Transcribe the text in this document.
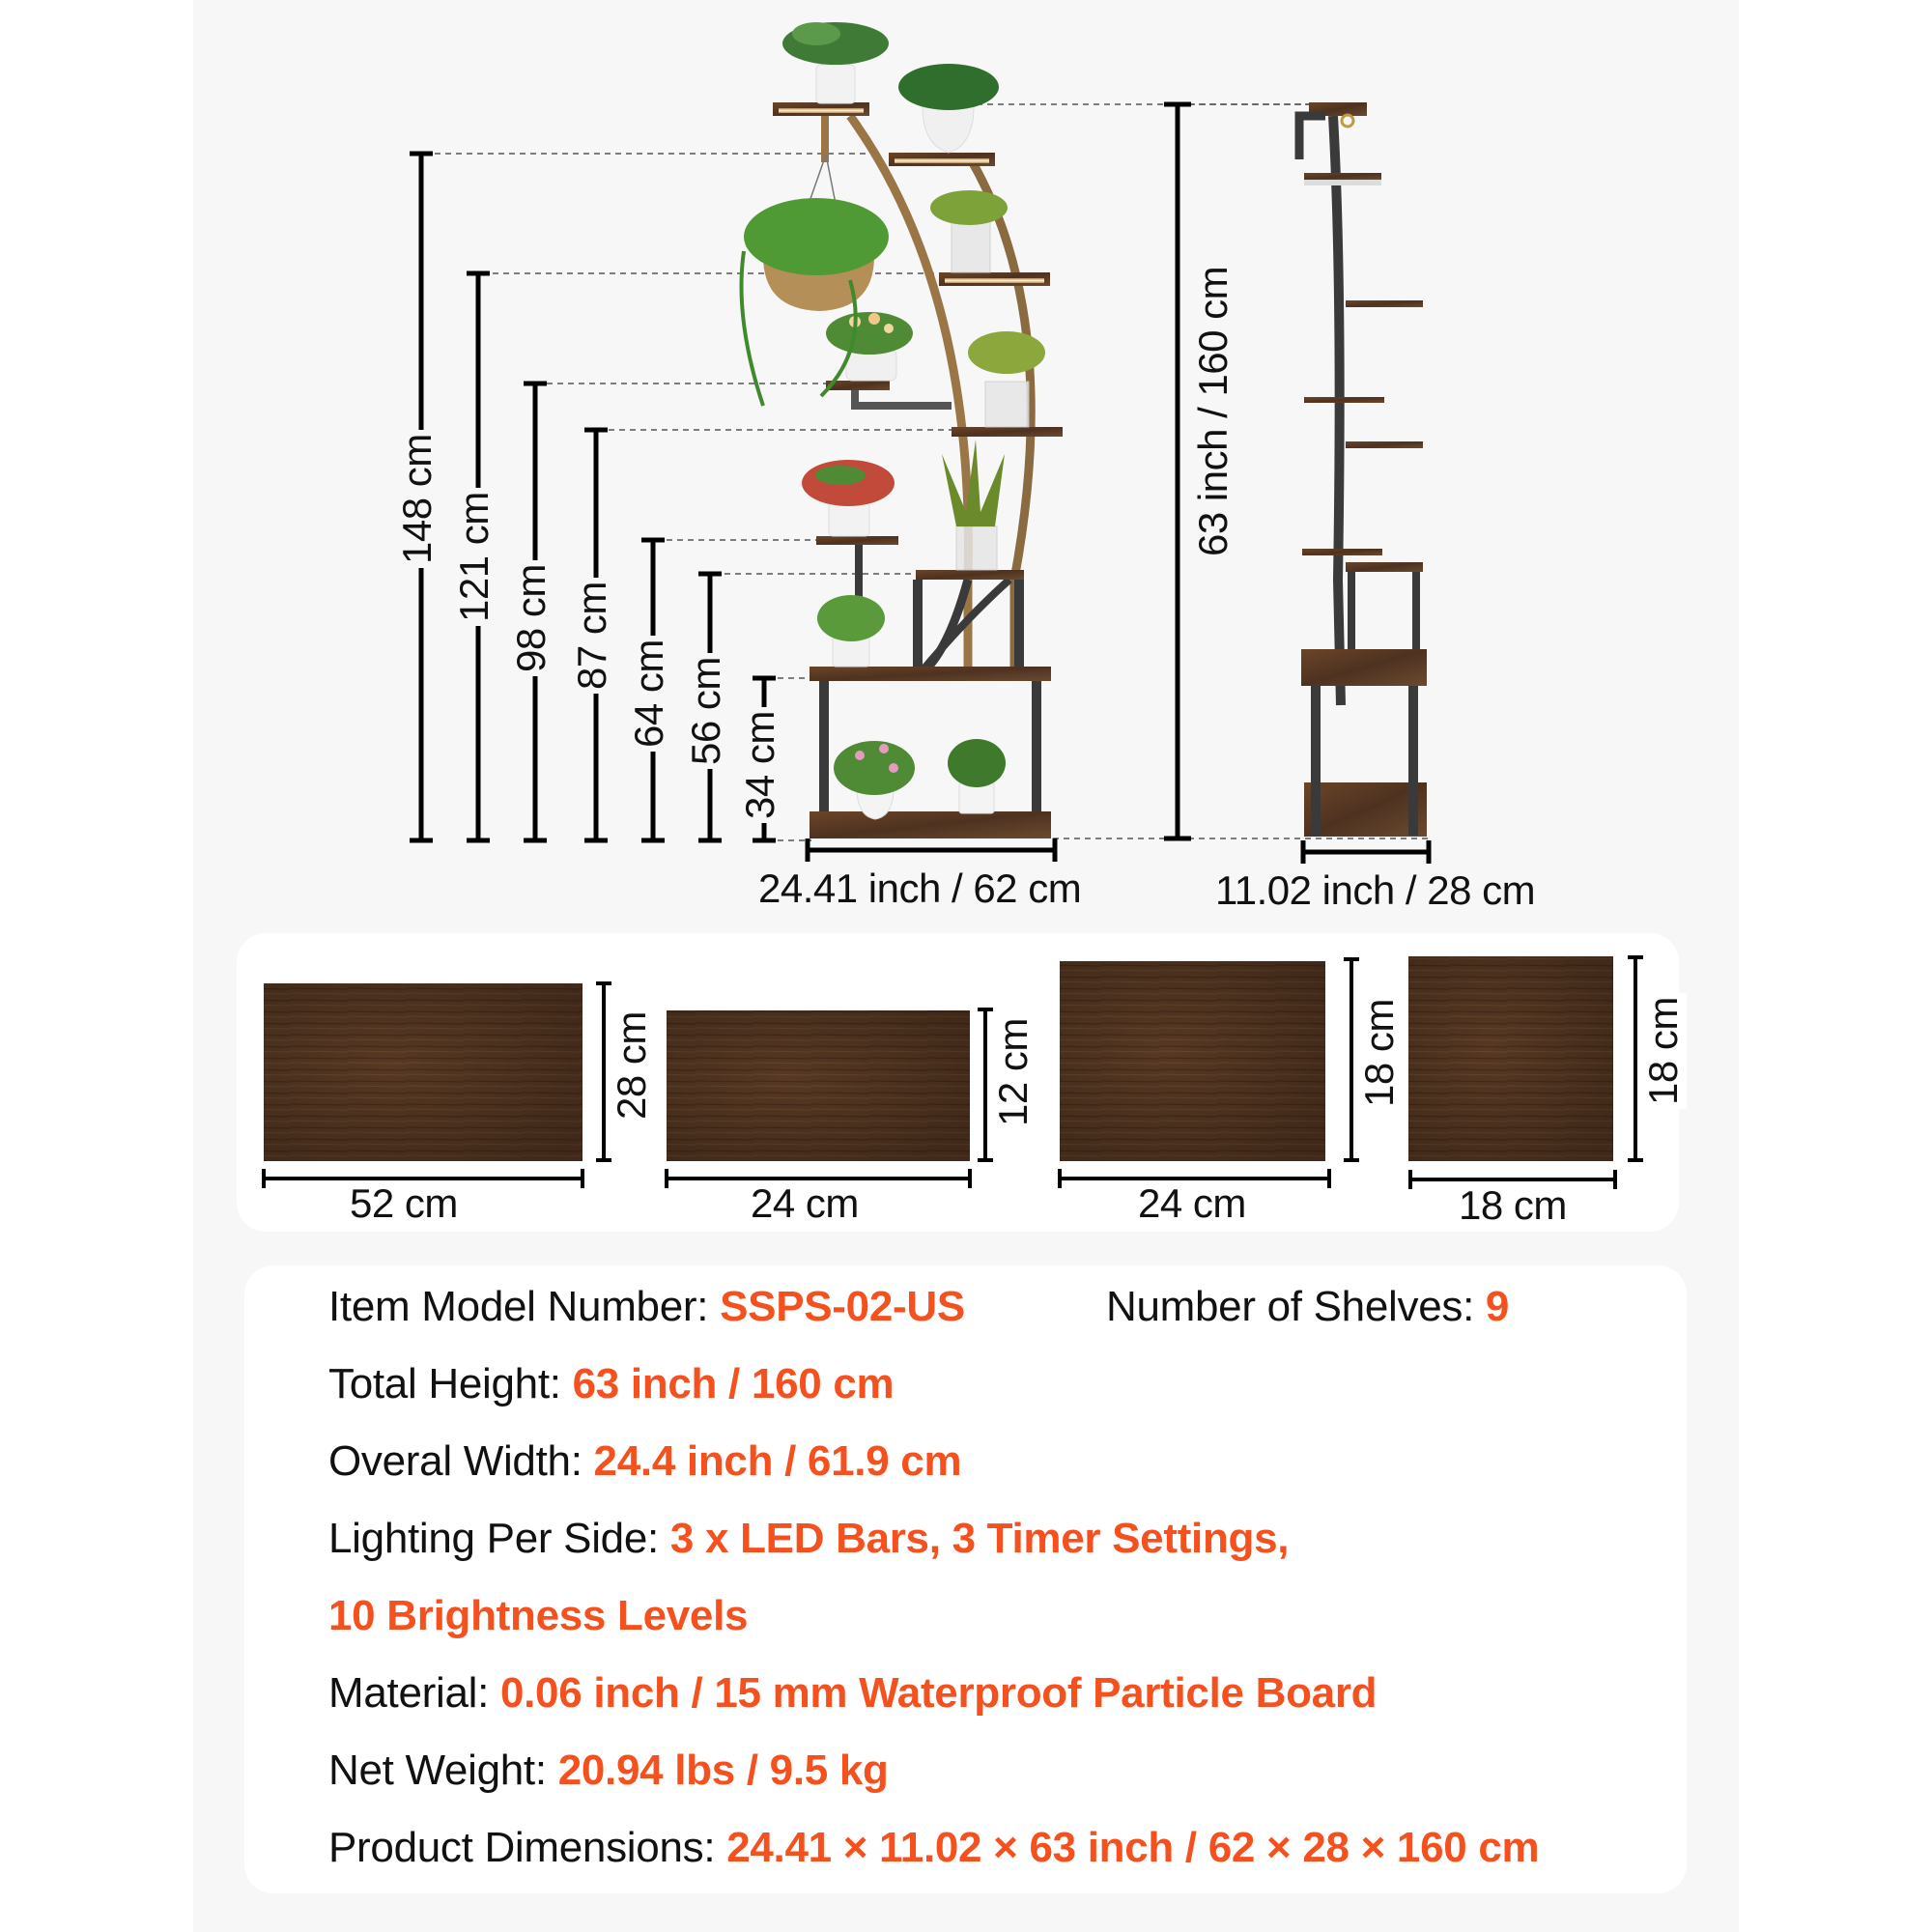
148 cm 121 cm 98 cm 87 cm
64 cm 56 cm
34 cm
24.41 inch / 62 cm
63 inch / 160 cm
11.02 inch / 28 cm
52 cm	24 cm	24 cm	18 cm
28 cm	12 cm	18 cm	18 cm
Item Model Number: SSPS-02-US	Number of Shelves: 9
Total Height: 63 inch / 160 cm
Overal Width: 24.4 inch / 61.9 cm
Lighting Per Side: 3 x LED Bars, 3 Timer Settings,
10 Brightness Levels
Material: 0.06 inch / 15 mm Waterproof Particle Board
Net Weight: 20.94 lbs / 9.5 kg
Product Dimensions: 24.41 × 11.02 × 63 inch / 62 × 28 × 160 cm
